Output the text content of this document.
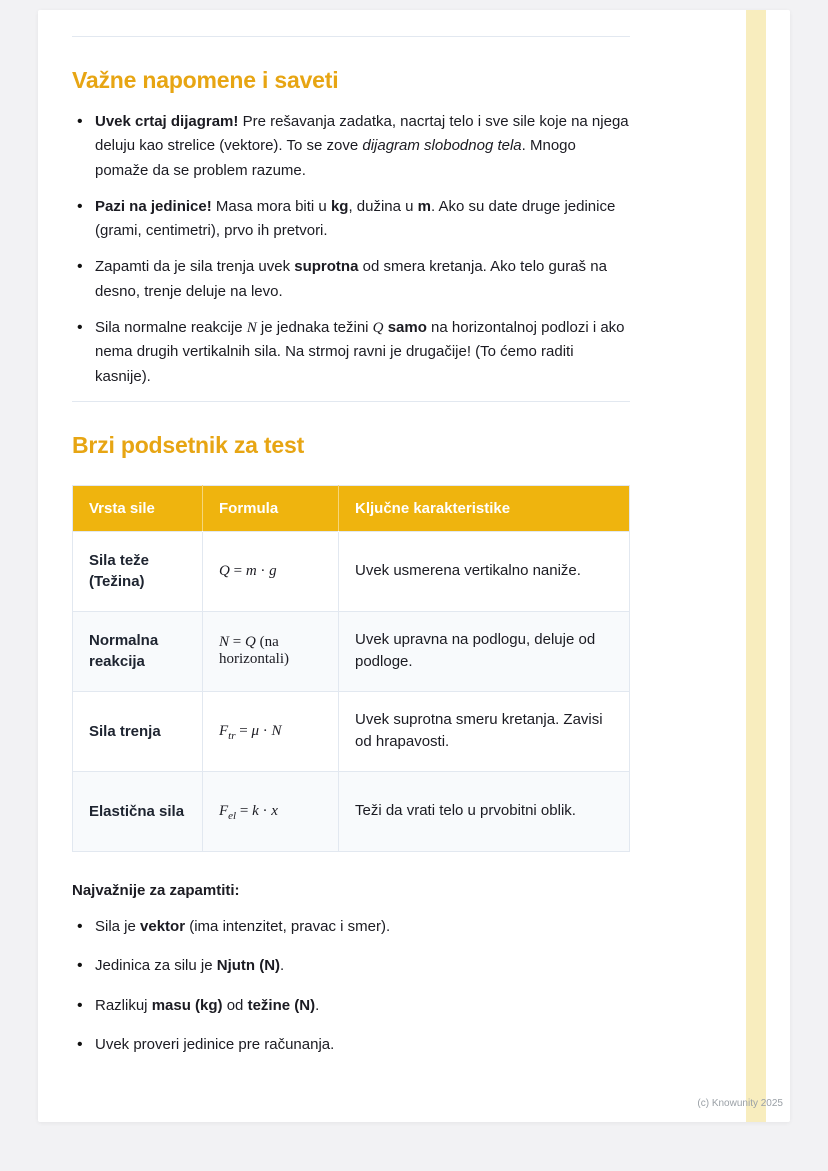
Važne napomene i saveti
• Uvek crtaj dijagram! Pre rešavanja zadatka, nacrtaj telo i sve sile koje na njega deluju kao strelice (vektore). To se zove dijagram slobodnog tela. Mnogo pomaže da se problem razume.
• Pazi na jedinice! Masa mora biti u kg, dužina u m. Ako su date druge jedinice (grami, centimetri), prvo ih pretvori.
• Zapamti da je sila trenja uvek suprotna od smera kretanja. Ako telo guraš na desno, trenje deluje na levo.
• Sila normalne reakcije N je jednaka težini Q samo na horizontalnoj podlozi i ako nema drugih vertikalnih sila. Na strmoj ravni je drugačije! (To ćemo raditi kasnije).
Brzi podsetnik za test
Vrsta sile	Formula	Ključne karakteristike
Sila teže (Težina)	Q = m · g	Uvek usmerena vertikalno naniže.
Normalna reakcija	N = Q (na horizontali)	Uvek upravna na podlogu, deluje od podloge.
Sila trenja	$F_{tr} = \mu \cdot N$	Uvek suprotna smeru kretanja. Zavisi od hrapavosti.
Elastična sila	$F_{el} = k \cdot x$	Teži da vrati telo u prvobitni oblik.

Najvažnije za zapamtiti:

• Sila je vektor (ima intenzitet, pravac i smer).
• Jedinica za silu je Njutn (N).
• Razlikuj masu (kg) od težine (N).
• Uvek proveri jedinice pre računanja.
(c) Knowunity 2025
